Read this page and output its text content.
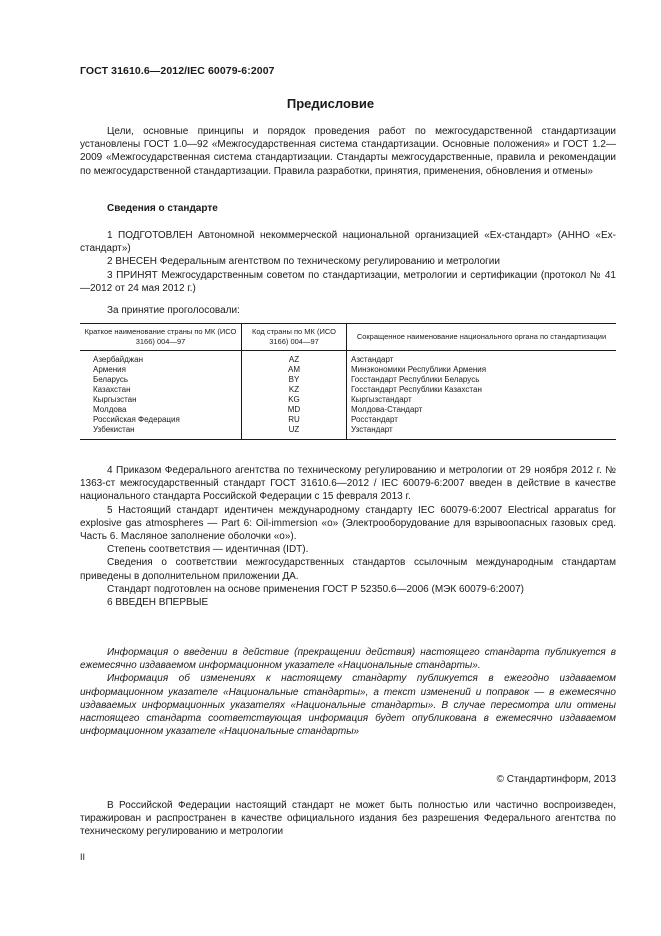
ГОСТ 31610.6—2012/IEC 60079-6:2007
Предисловие

Цели, основные принципы и порядок проведения работ по межгосударственной стандартизации установлены ГОСТ 1.0—92 «Межгосударственная система стандартизации. Основные положения» и ГОСТ 1.2—2009 «Межгосударственная система стандартизации. Стандарты межгосударственные, правила и рекомендации по межгосударственной стандартизации. Правила разработки, принятия, применения, обновления и отмены»

Сведения о стандарте

1 ПОДГОТОВЛЕН Автономной некоммерческой национальной организацией «Ex-стандарт» (АННО «Ex-стандарт»)

2 ВНЕСЕН Федеральным агентством по техническому регулированию и метрологии

3 ПРИНЯТ Межгосударственным советом по стандартизации, метрологии и сертификации (протокол № 41—2012 от 24 мая 2012 г.)

За принятие проголосовали:

Краткое наименование страны по МК (ИСО 3166) 004—97	Код страны по МК (ИСО 3166) 004—97	Сокращенное наименование национального органа по стандартизации
Азербайджан	AZ	Азстандарт
Армения	AM	Минэкономики Республики Армения
Беларусь	BY	Госстандарт Республики Беларусь
Казахстан	KZ	Госстандарт Республики Казахстан
Кыргызстан	KG	Кыргызстандарт
Молдова	MD	Молдова-Стандарт
Российская Федерация	RU	Росстандарт
Узбекистан	UZ	Узстандарт

4 Приказом Федерального агентства по техническому регулированию и метрологии от 29 ноября 2012 г. № 1363-ст межгосударственный стандарт ГОСТ 31610.6—2012 / IEC 60079-6:2007 введен в действие в качестве национального стандарта Российской Федерации с 15 февраля 2013 г.

5 Настоящий стандарт идентичен международному стандарту IEC 60079-6:2007 Electrical apparatus for explosive gas atmospheres — Part 6: Oil-immersion «o» (Электрооборудование для взрывоопасных газовых сред. Часть 6. Масляное заполнение оболочки «o»).

Степень соответствия — идентичная (IDT).

Сведения о соответствии межгосударственных стандартов ссылочным международным стандартам приведены в дополнительном приложении ДА.

Стандарт подготовлен на основе применения ГОСТ Р 52350.6—2006 (МЭК 60079-6:2007)

6 ВВЕДЕН ВПЕРВЫЕ

Информация о введении в действие (прекращении действия) настоящего стандарта публикуется в ежемесячно издаваемом информационном указателе «Национальные стандарты».

Информация об изменениях к настоящему стандарту публикуется в ежегодно издаваемом информационном указателе «Национальные стандарты», а текст изменений и поправок — в ежемесячно издаваемых информационных указателях «Национальные стандарты». В случае пересмотра или отмены настоящего стандарта соответствующая информация будет опубликована в ежемесячно издаваемом информационном указателе «Национальные стандарты»

© Стандартинформ, 2013

В Российской Федерации настоящий стандарт не может быть полностью или частично воспроизведен, тиражирован и распространен в качестве официального издания без разрешения Федерального агентства по техническому регулированию и метрологии

II
